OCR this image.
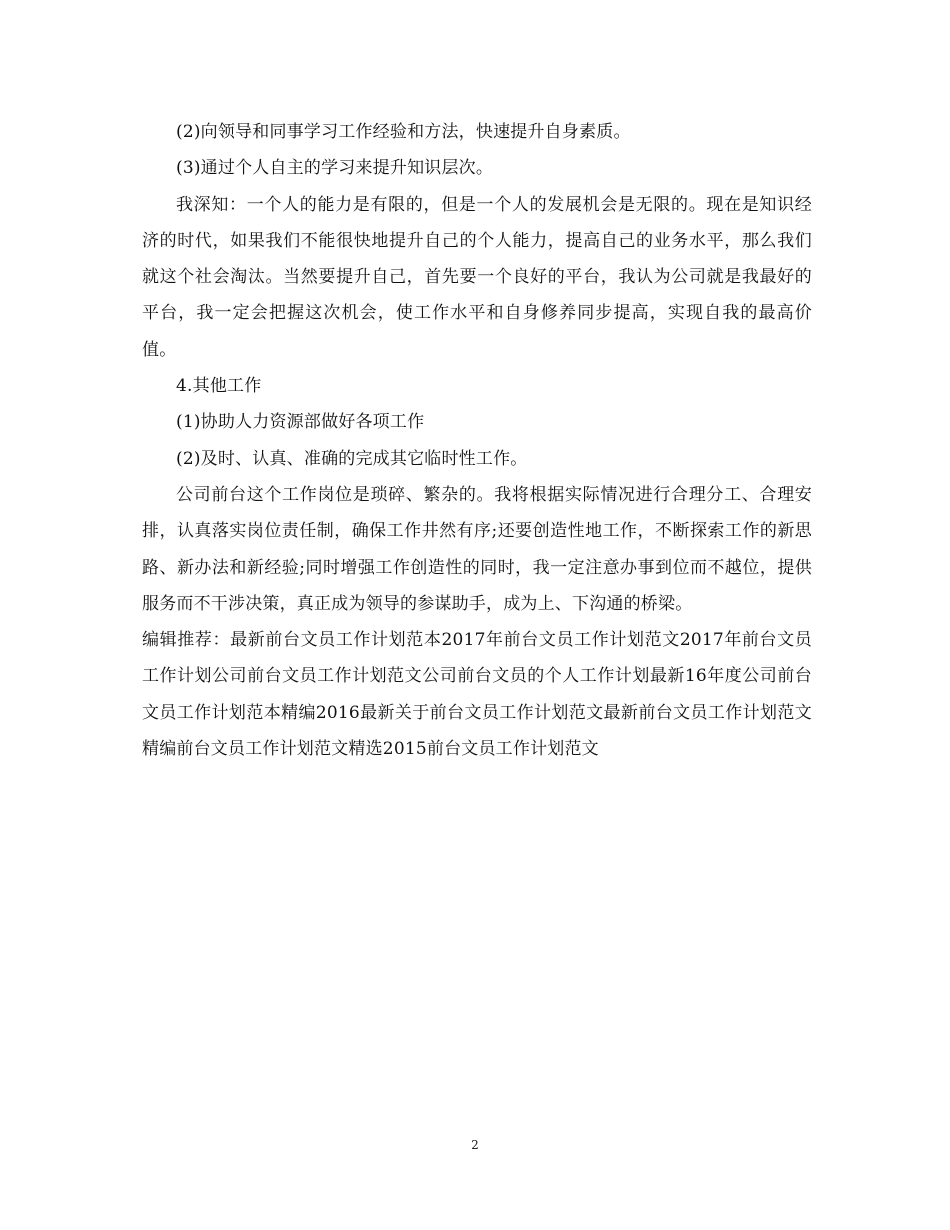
(2)向领导和同事学习工作经验和方法，快速提升自身素质。

(3)通过个人自主的学习来提升知识层次。

我深知：一个人的能力是有限的，但是一个人的发展机会是无限的。现在是知识经济的时代，如果我们不能很快地提升自己的个人能力，提高自己的业务水平，那么我们就这个社会淘汰。当然要提升自己，首先要一个良好的平台，我认为公司就是我最好的平台，我一定会把握这次机会，使工作水平和自身修养同步提高，实现自我的最高价值。

4.其他工作

(1)协助人力资源部做好各项工作

(2)及时、认真、准确的完成其它临时性工作。

公司前台这个工作岗位是琐碎、繁杂的。我将根据实际情况进行合理分工、合理安排，认真落实岗位责任制，确保工作井然有序;还要创造性地工作，不断探索工作的新思路、新办法和新经验;同时增强工作创造性的同时，我一定注意办事到位而不越位，提供服务而不干涉决策，真正成为领导的参谋助手，成为上、下沟通的桥梁。

编辑推荐：最新前台文员工作计划范本2017年前台文员工作计划范文2017年前台文员工作计划公司前台文员工作计划范文公司前台文员的个人工作计划最新16年度公司前台文员工作计划范本精编2016最新关于前台文员工作计划范文最新前台文员工作计划范文精编前台文员工作计划范文精选2015前台文员工作计划范文

2
